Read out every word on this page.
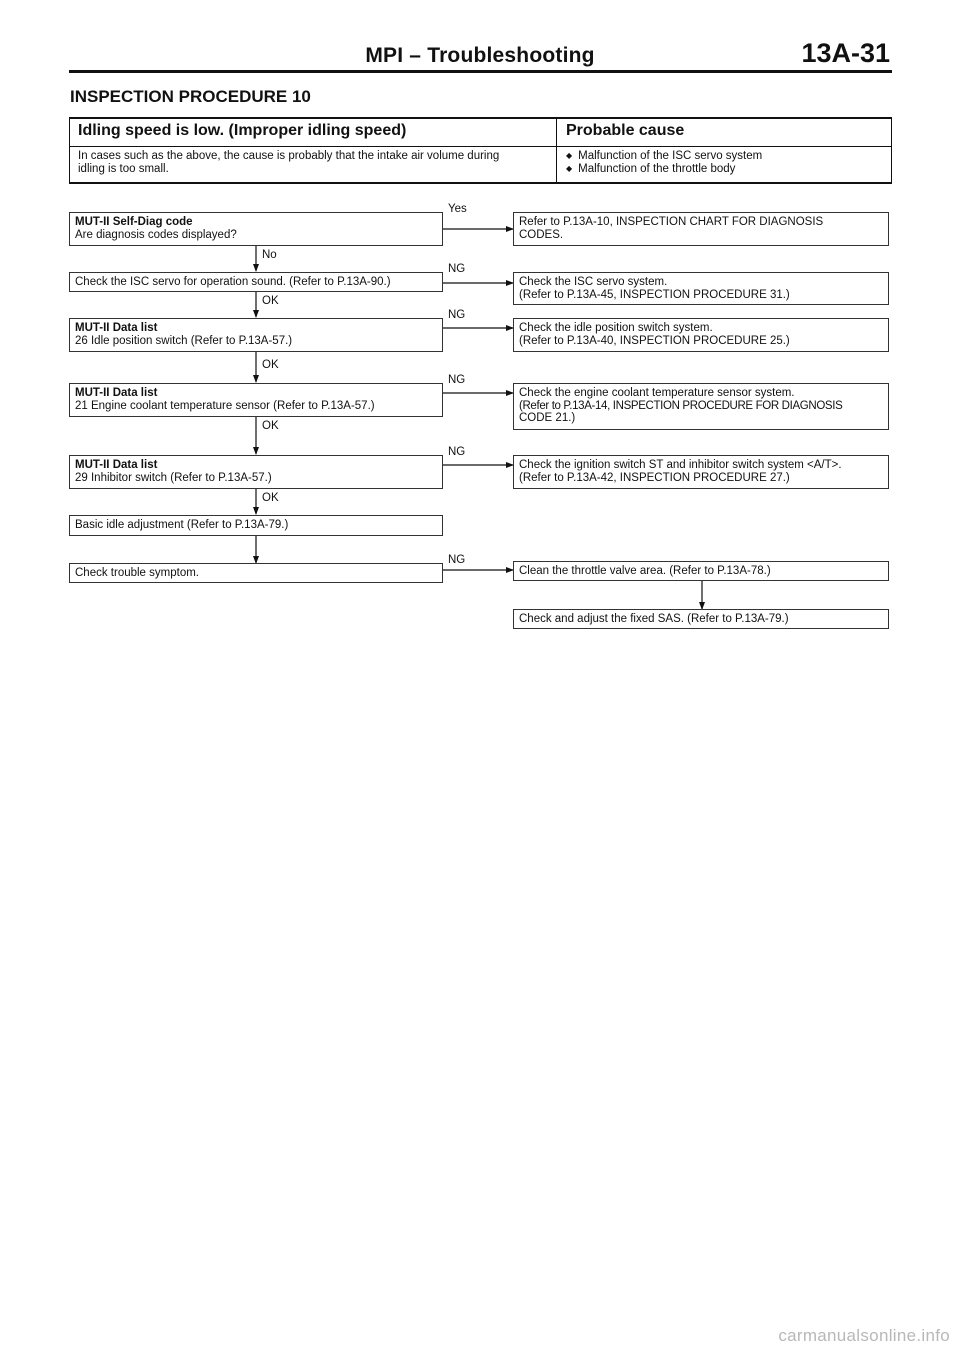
MPI – Troubleshooting	13A-31
INSPECTION PROCEDURE 10
Idling speed is low. (Improper idling speed)	Probable cause
In cases such as the above, the cause is probably that the intake air volume during
idling is too small.
◆ Malfunction of the ISC servo system
◆ Malfunction of the throttle body
MUT-II Self-Diag code
Are diagnosis codes displayed?
Yes
Refer to P.13A-10, INSPECTION CHART FOR DIAGNOSIS
CODES.
No
Check the ISC servo for operation sound. (Refer to P.13A-90.)
NG
Check the ISC servo system.
(Refer to P.13A-45, INSPECTION PROCEDURE 31.)
OK
MUT-II Data list
26 Idle position switch (Refer to P.13A-57.)
NG
Check the idle position switch system.
(Refer to P.13A-40, INSPECTION PROCEDURE 25.)
OK
MUT-II Data list
21 Engine coolant temperature sensor (Refer to P.13A-57.)
NG
Check the engine coolant temperature sensor system.
(Refer to P.13A-14, INSPECTION PROCEDURE FOR DIAGNOSIS
CODE 21.)
OK
MUT-II Data list
29 Inhibitor switch (Refer to P.13A-57.)
NG
Check the ignition switch ST and inhibitor switch system <A/T>.
(Refer to P.13A-42, INSPECTION PROCEDURE 27.)
OK
Basic idle adjustment (Refer to P.13A-79.)
Check trouble symptom.
NG
Clean the throttle valve area. (Refer to P.13A-78.)
Check and adjust the fixed SAS. (Refer to P.13A-79.)
carmanualsonline.info
